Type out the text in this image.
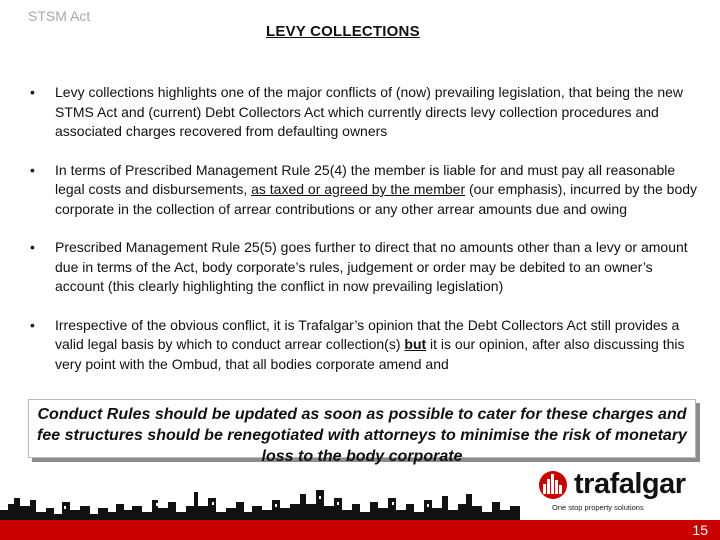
STSM Act
LEVY COLLECTIONS
• Levy collections highlights one of the major conflicts of (now) prevailing legislation, that being the new STMS Act and (current) Debt Collectors Act which currently directs levy collection procedures and associated charges recovered from defaulting owners
• In terms of Prescribed Management Rule 25(4) the member is liable for and must pay all reasonable legal costs and disbursements, as taxed or agreed by the member (our emphasis), incurred by the body corporate in the collection of arrear contributions or any other arrear amounts due and owing
• Prescribed Management Rule 25(5) goes further to direct that no amounts other than a levy or amount due in terms of the Act, body corporate’s rules, judgement or order may be debited to an owner’s account (this clearly highlighting the conflict in now prevailing legislation)
• Irrespective of the obvious conflict, it is Trafalgar’s opinion that the Debt Collectors Act still provides a valid legal basis by which to conduct arrear collection(s) but it is our opinion, after also discussing this very point with the Ombud, that all bodies corporate amend and

Conduct Rules should be updated as soon as possible to cater for these charges and fee structures should be renegotiated with attorneys to minimise the risk of monetary loss to the body corporate

trafalgar
One stop property solutions
15
